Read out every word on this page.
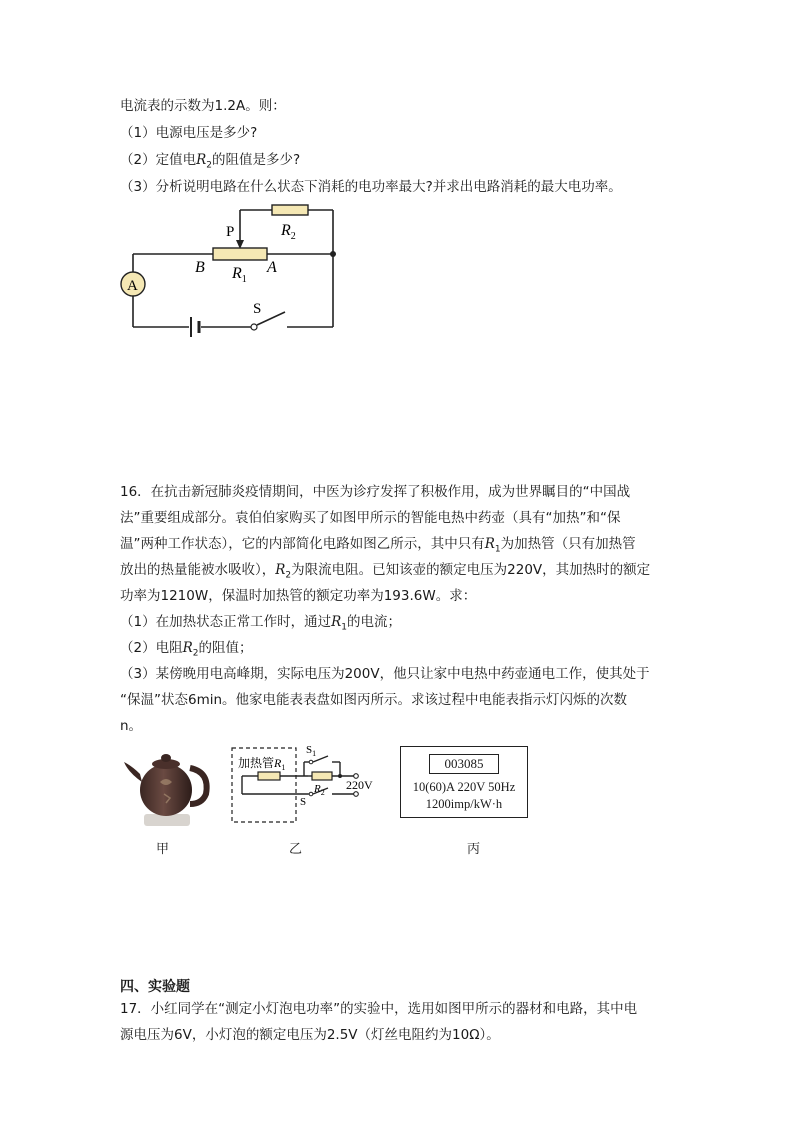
电流表的示数为1.2A。则：
（1）电源电压是多少?
（2）定值电$R_2$的阻值是多少?
（3）分析说明电路在什么状态下消耗的电功率最大?并求出电路消耗的最大电功率。
P	$R_2$
B $R_1$
A
A
S
16．在抗击新冠肺炎疫情期间，中医为诊疗发挥了积极作用，成为世界瞩目的“中国战
法”重要组成部分。袁伯伯家购买了如图甲所示的智能电热中药壶（具有“加热”和“保
温”两种工作状态），它的内部简化电路如图乙所示，其中只有$R_1$为加热管（只有加热管
放出的热量能被水吸收），$R_2$为限流电阻。已知该壶的额定电压为220V，其加热时的额定
功率为1210W，保温时加热管的额定功率为193.6W。求：
（1）在加热状态正常工作时，通过$R_1$的电流；
（2）电阻$R_2$的阻值；
（3）某傍晚用电高峰期，实际电压为200V，他只让家中电热中药壶通电工作，使其处于
“保温”状态6min。他家电能表表盘如图丙所示。求该过程中电能表指示灯闪烁的次数
n。
加热管$R_1$
$S_1$
$R_2$
S
220V
003085
10(60)A 220V 50Hz
1200imp/kW·h
甲	乙	丙
四、实验题
17．小红同学在“测定小灯泡电功率”的实验中，选用如图甲所示的器材和电路，其中电
源电压为6V，小灯泡的额定电压为2.5V（灯丝电阻约为10Ω）。
